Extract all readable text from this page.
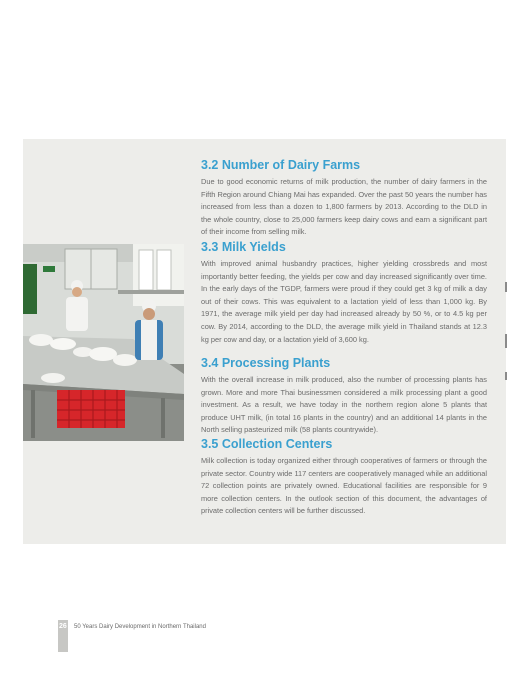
3.2 Number of Dairy Farms

Due to good economic returns of milk production, the number of dairy farmers in the Fifth Region around Chiang Mai has expanded. Over the past 50 years the number has increased from less than a dozen to 1,800 farmers by 2013. According to the DLD in the whole country, close to 25,000 farmers keep dairy cows and earn a significant part of their income from selling milk.

3.3 Milk Yields

With improved animal husbandry practices, higher yielding crossbreds and most importantly better feeding, the yields per cow and day increased significantly over time. In the early days of the TGDP, farmers were proud if they could get 3 kg of milk a day out of their cows. This was equivalent to a lactation yield of less than 1,000 kg. By 1971, the average milk yield per day had increased already by 50 %, or to 4.5 kg per cow. By 2014, according to the DLD, the average milk yield in Thailand stands at 12.3 kg per cow and day, or a lactation yield of 3,600 kg.

3.4 Processing Plants

With the overall increase in milk produced, also the number of processing plants has grown. More and more Thai businessmen considered a milk processing plant a good investment. As a result, we have today in the northern region alone 5 plants that produce UHT milk, (in total 16 plants in the country) and an additional 14 plants in the North selling pasteurized milk (58 plants countrywide).

3.5 Collection Centers

Milk collection is today organized either through cooperatives of farmers or through the private sector. Country wide 117 centers are cooperatively managed while an additional 72 collection points are privately owned. Educational facilities are responsible for 9 more collection centers. In the outlook section of this document, the advantages of private collection centers will be further discussed.

26 50 Years Dairy Development in Northern Thailand
